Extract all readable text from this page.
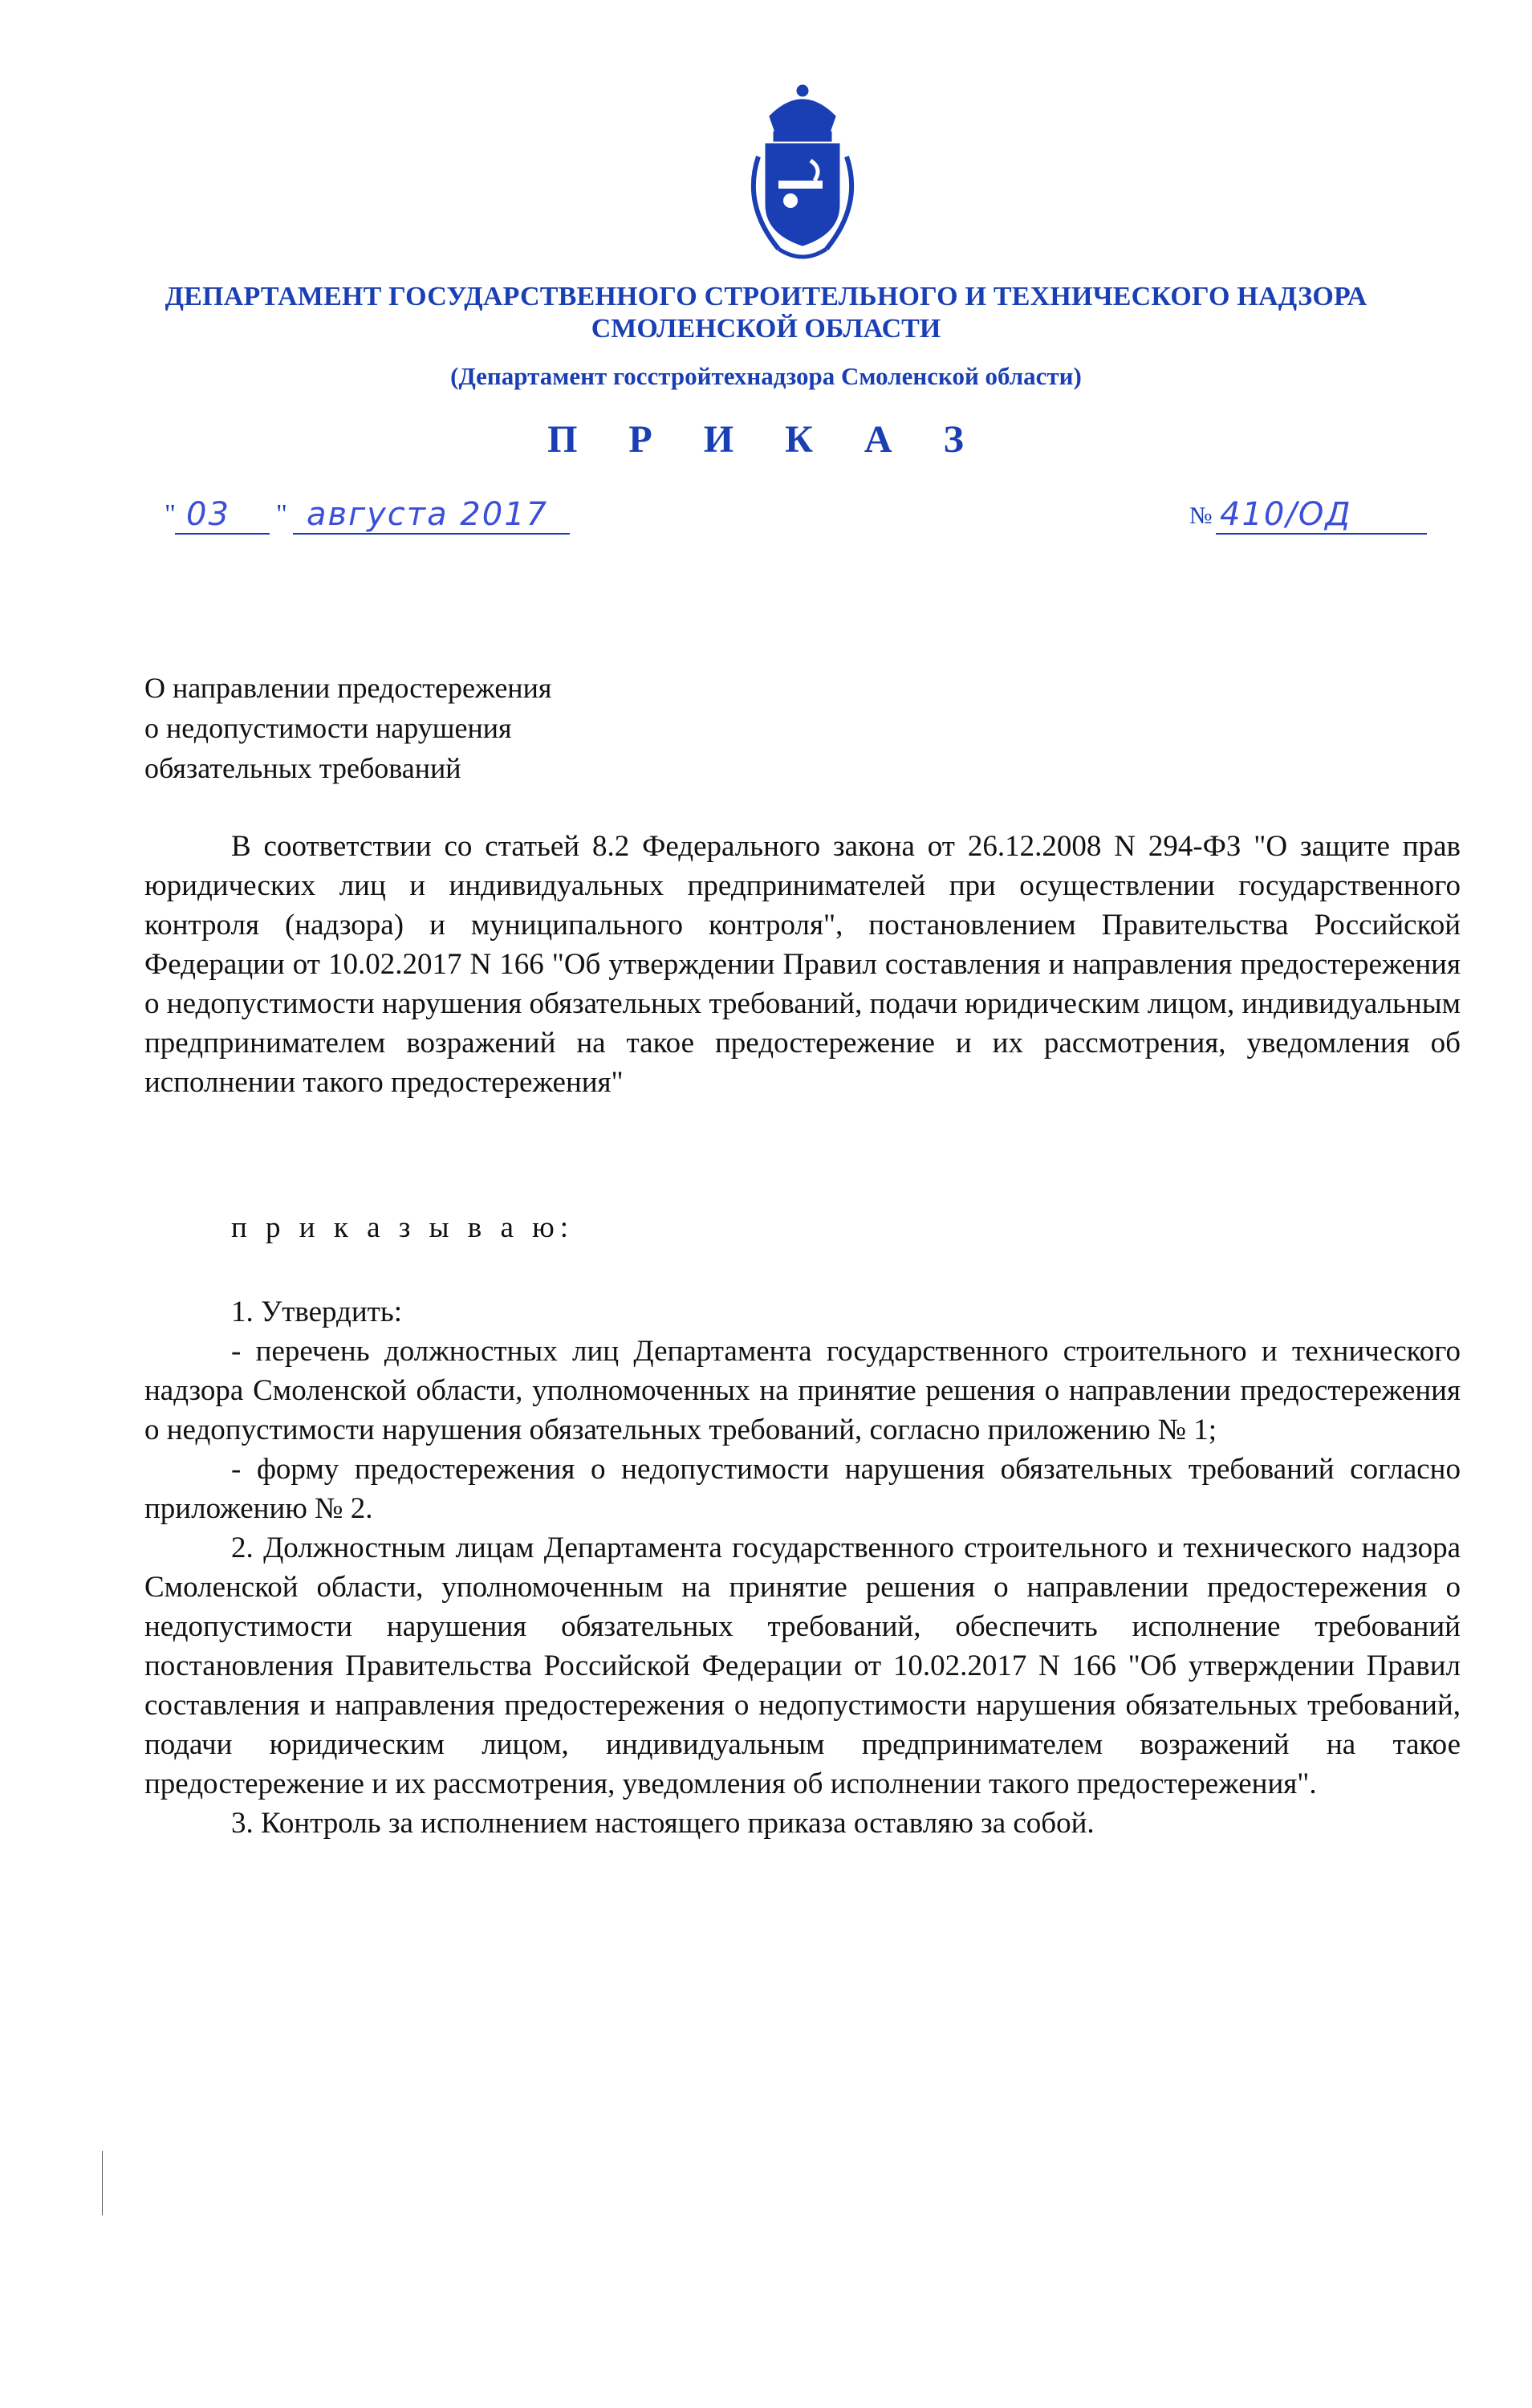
ДЕПАРТАМЕНТ ГОСУДАРСТВЕННОГО СТРОИТЕЛЬНОГО И ТЕХНИЧЕСКОГО НАДЗОРА
СМОЛЕНСКОЙ ОБЛАСТИ
(Департамент госстройтехнадзора Смоленской области)
П Р И К А З
" 03 " августа 2017	№ 410/ОД
О направлении предостережения
о недопустимости нарушения
обязательных требований

В соответствии со статьей 8.2 Федерального закона от 26.12.2008 N 294-ФЗ "О защите прав юридических лиц и индивидуальных предпринимателей при осуществлении государственного контроля (надзора) и муниципального контроля", постановлением Правительства Российской Федерации от 10.02.2017 N 166 "Об утверждении Правил составления и направления предостережения о недопустимости нарушения обязательных требований, подачи юридическим лицом, индивидуальным предпринимателем возражений на такое предостережение и их рассмотрения, уведомления об исполнении такого предостережения"

п р и к а з ы в а ю:

1. Утвердить:

- перечень должностных лиц Департамента государственного строительного и технического надзора Смоленской области, уполномоченных на принятие решения о направлении предостережения о недопустимости нарушения обязательных требований, согласно приложению № 1;

- форму предостережения о недопустимости нарушения обязательных требований согласно приложению № 2.

2. Должностным лицам Департамента государственного строительного и технического надзора Смоленской области, уполномоченным на принятие решения о направлении предостережения о недопустимости нарушения обязательных требований, обеспечить исполнение требований постановления Правительства Российской Федерации от 10.02.2017 N 166 "Об утверждении Правил составления и направления предостережения о недопустимости нарушения обязательных требований, подачи юридическим лицом, индивидуальным предпринимателем возражений на такое предостережение и их рассмотрения, уведомления об исполнении такого предостережения".

3. Контроль за исполнением настоящего приказа оставляю за собой.
